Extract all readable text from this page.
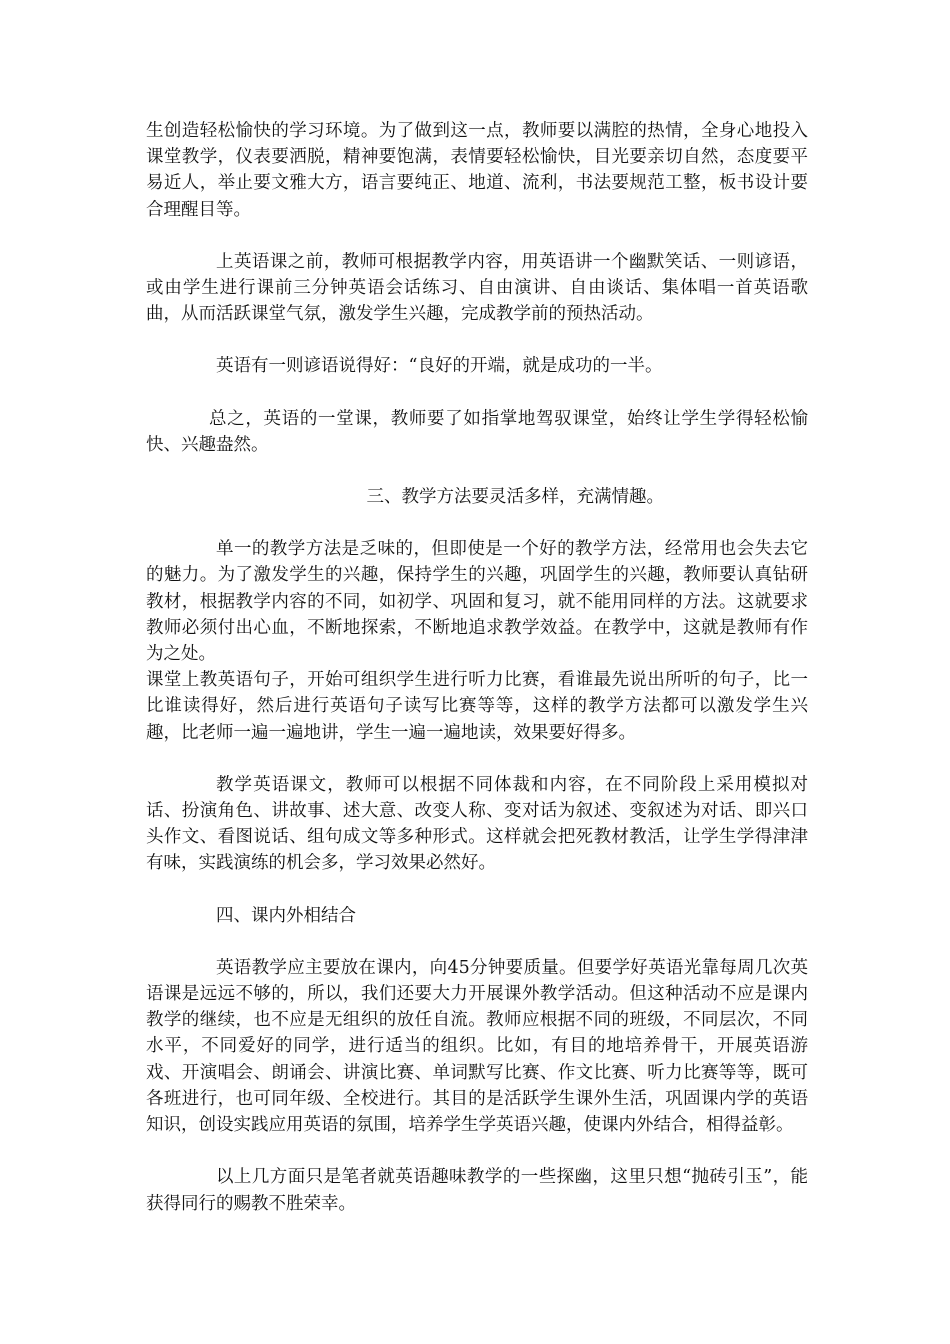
生创造轻松愉快的学习环境。为了做到这一点，教师要以满腔的热情，全身心地投入课堂教学，仪表要洒脱，精神要饱满，表情要轻松愉快，目光要亲切自然，态度要平易近人，举止要文雅大方，语言要纯正、地道、流利，书法要规范工整，板书设计要合理醒目等。

上英语课之前，教师可根据教学内容，用英语讲一个幽默笑话、一则谚语，或由学生进行课前三分钟英语会话练习、自由演讲、自由谈话、集体唱一首英语歌曲，从而活跃课堂气氛，激发学生兴趣，完成教学前的预热活动。

英语有一则谚语说得好：“良好的开端，就是成功的一半。

总之，英语的一堂课，教师要了如指掌地驾驭课堂，始终让学生学得轻松愉快、兴趣盎然。

三、教学方法要灵活多样，充满情趣。

单一的教学方法是乏味的，但即使是一个好的教学方法，经常用也会失去它的魅力。为了激发学生的兴趣，保持学生的兴趣，巩固学生的兴趣，教师要认真钻研教材，根据教学内容的不同，如初学、巩固和复习，就不能用同样的方法。这就要求教师必须付出心血，不断地探索，不断地追求教学效益。在教学中，这就是教师有作为之处。

课堂上教英语句子，开始可组织学生进行听力比赛，看谁最先说出所听的句子，比一比谁读得好，然后进行英语句子读写比赛等等，这样的教学方法都可以激发学生兴趣，比老师一遍一遍地讲，学生一遍一遍地读，效果要好得多。

教学英语课文，教师可以根据不同体裁和内容，在不同阶段上采用模拟对话、扮演角色、讲故事、述大意、改变人称、变对话为叙述、变叙述为对话、即兴口头作文、看图说话、组句成文等多种形式。这样就会把死教材教活，让学生学得津津有味，实践演练的机会多，学习效果必然好。

四、课内外相结合

英语教学应主要放在课内，向45分钟要质量。但要学好英语光靠每周几次英语课是远远不够的，所以，我们还要大力开展课外教学活动。但这种活动不应是课内教学的继续，也不应是无组织的放任自流。教师应根据不同的班级，不同层次，不同水平，不同爱好的同学，进行适当的组织。比如，有目的地培养骨干，开展英语游戏、开演唱会、朗诵会、讲演比赛、单词默写比赛、作文比赛、听力比赛等等，既可各班进行，也可同年级、全校进行。其目的是活跃学生课外生活，巩固课内学的英语知识，创设实践应用英语的氛围，培养学生学英语兴趣，使课内外结合，相得益彰。

以上几方面只是笔者就英语趣味教学的一些探幽，这里只想“抛砖引玉”，能获得同行的赐教不胜荣幸。
